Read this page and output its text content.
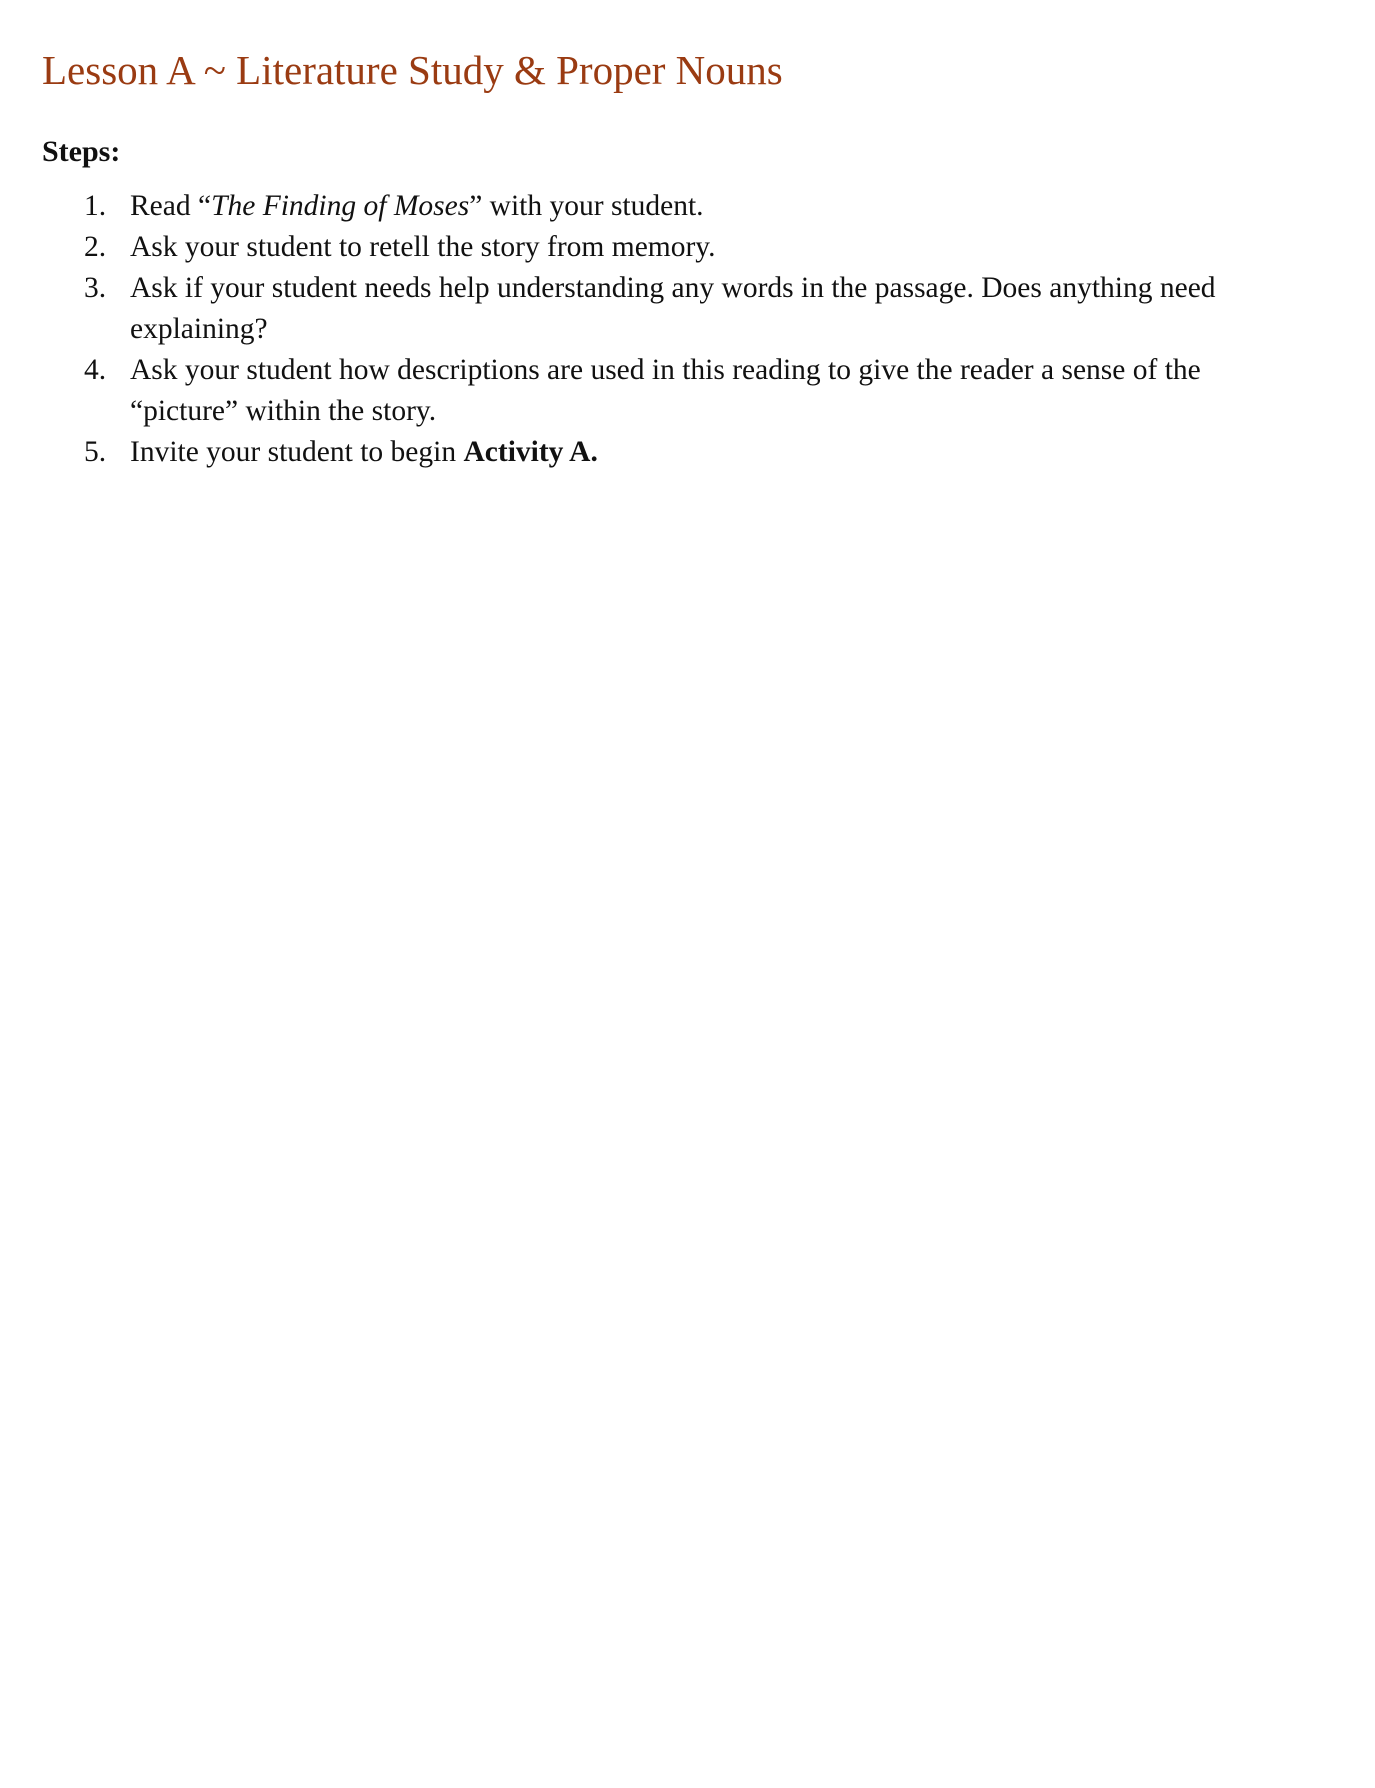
Lesson A ~ Literature Study & Proper Nouns
Steps:
1. Read “The Finding of Moses” with your student.
2. Ask your student to retell the story from memory.
3. Ask if your student needs help understanding any words in the passage. Does anything need explaining?
4. Ask your student how descriptions are used in this reading to give the reader a sense of the “picture” within the story.
5. Invite your student to begin Activity A.
